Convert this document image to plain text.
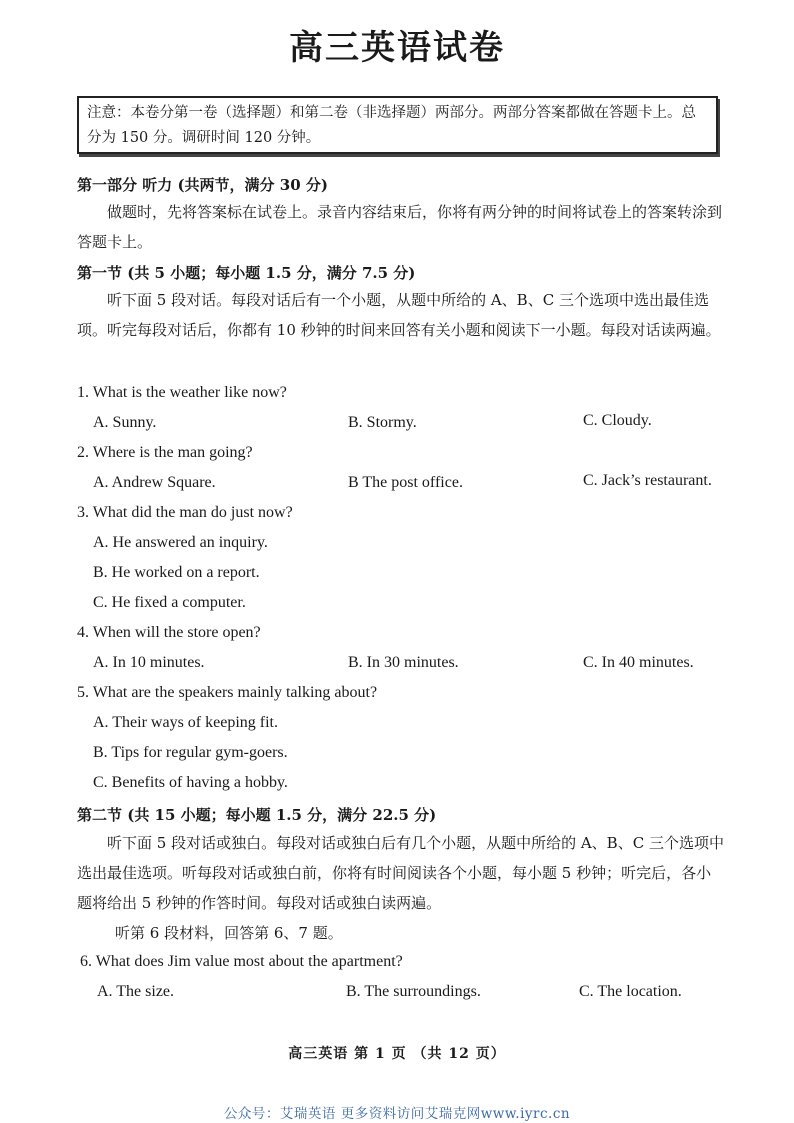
高三英语试卷
注意：本卷分第一卷（选择题）和第二卷（非选择题）两部分。两部分答案都做在答题卡上。总分为 150 分。调研时间 120 分钟。
第一部分 听力 (共两节，满分 30 分)
做题时，先将答案标在试卷上。录音内容结束后，你将有两分钟的时间将试卷上的答案转涂到答题卡上。
第一节 (共 5 小题；每小题 1.5 分，满分 7.5 分)
听下面 5 段对话。每段对话后有一个小题，从题中所给的 A、B、C 三个选项中选出最佳选项。听完每段对话后，你都有 10 秒钟的时间来回答有关小题和阅读下一小题。每段对话读两遍。
1. What is the weather like now?
A. Sunny.	B. Stormy.	C. Cloudy.
2. Where is the man going?
A. Andrew Square.	B The post office.	C. Jack’s restaurant.
3. What did the man do just now?
A. He answered an inquiry.
B. He worked on a report.
C. He fixed a computer.
4. When will the store open?
A. In 10 minutes.	B. In 30 minutes.	C. In 40 minutes.
5. What are the speakers mainly talking about?
A. Their ways of keeping fit.
B. Tips for regular gym-goers.
C. Benefits of having a hobby.
第二节 (共 15 小题；每小题 1.5 分，满分 22.5 分)
听下面 5 段对话或独白。每段对话或独白后有几个小题，从题中所给的 A、B、C 三个选项中选出最佳选项。听每段对话或独白前，你将有时间阅读各个小题，每小题 5 秒钟；听完后，各小题将给出 5 秒钟的作答时间。每段对话或独白读两遍。
听第 6 段材料，回答第 6、7 题。
6. What does Jim value most about the apartment?
A. The size.	B. The surroundings.	C. The location.
高三英语 第 1 页 （共 12 页）
公众号：艾瑞英语 更多资料访问艾瑞克网www.iyrc.cn
